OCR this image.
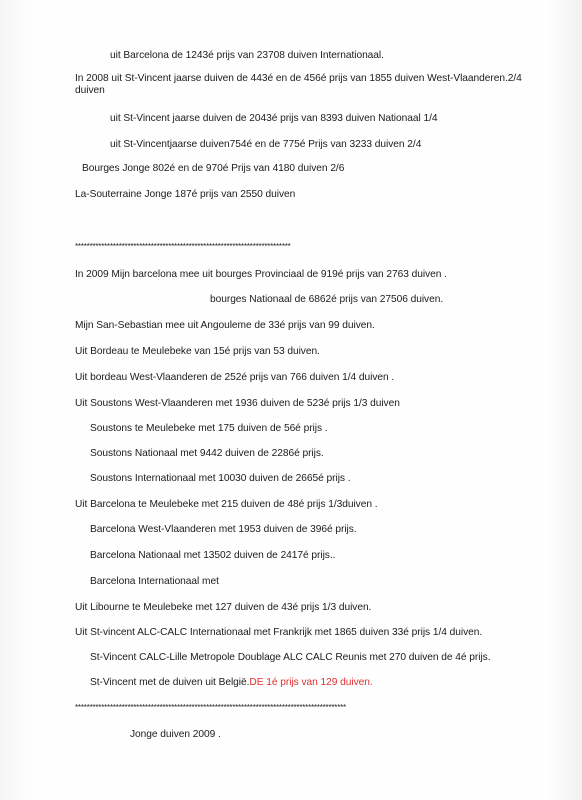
uit Barcelona de 1243é prijs van 23708 duiven Internationaal.
In 2008 uit St-Vincent jaarse duiven de 443é en de 456é prijs van 1855 duiven West-Vlaanderen.2/4 duiven
uit St-Vincent jaarse duiven de 2043é prijs van 8393 duiven Nationaal 1/4
uit St-Vincentjaarse duiven754é en de 775é Prijs van 3233 duiven 2/4
Bourges Jonge 802é en de 970é Prijs van 4180 duiven 2/6
La-Souterraine Jonge 187é prijs van 2550 duiven
**************************************************************************
In 2009 Mijn barcelona mee uit bourges Provinciaal de 919é prijs van 2763 duiven .
bourges Nationaal de 6862é prijs van 27506 duiven.
Mijn San-Sebastian mee uit Angouleme de 33é prijs van 99 duiven.
Uit Bordeau te Meulebeke van 15é prijs van 53 duiven.
Uit bordeau West-Vlaanderen de 252é prijs van 766 duiven 1/4 duiven .
Uit Soustons West-Vlaanderen met 1936 duiven de 523é prijs 1/3 duiven
Soustons te Meulebeke met 175 duiven de 56é prijs .
Soustons Nationaal met 9442 duiven de 2286é prijs.
Soustons Internationaal met 10030 duiven de 2665é prijs .
Uit Barcelona te Meulebeke met 215 duiven de 48é prijs 1/3duiven .
Barcelona West-Vlaanderen met 1953 duiven de 396é prijs.
Barcelona Nationaal met 13502 duiven de 2417é prijs..
Barcelona Internationaal met
Uit Libourne te Meulebeke met 127 duiven de 43é prijs 1/3 duiven.
Uit St-vincent ALC-CALC Internationaal met Frankrijk met 1865 duiven 33é prijs 1/4 duiven.
St-Vincent CALC-Lille Metropole Doublage ALC CALC Reunis met 270 duiven de 4é prijs.
St-Vincent met de duiven uit België.DE 1é prijs van 129 duiven.
*********************************************************************************************
Jonge duiven 2009 .
